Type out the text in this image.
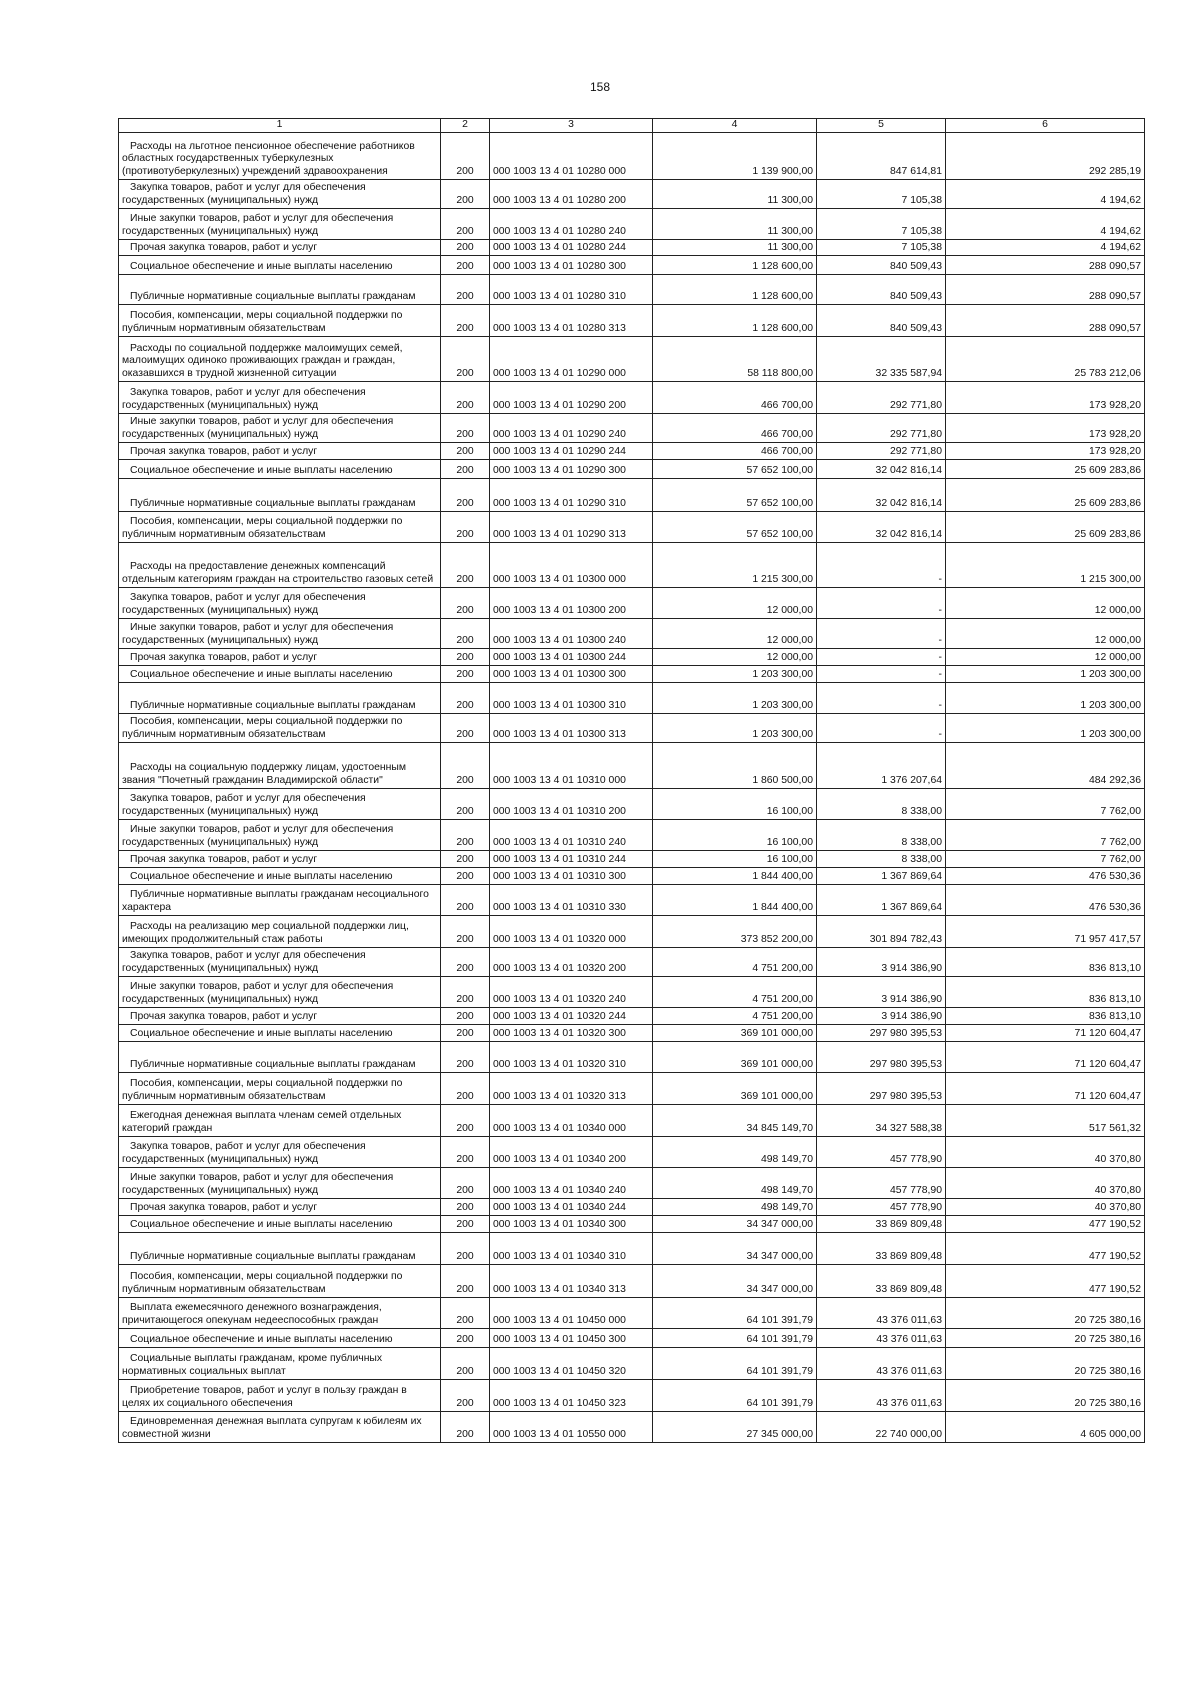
158
1	2	3	4	5	6
Расходы на льготное пенсионное обеспечение работников областных государственных туберкулезных (противотуберкулезных) учреждений здравоохранения	200	000 1003 13 4 01 10280 000	1 139 900,00	847 614,81	292 285,19
Закупка товаров, работ и услуг для обеспечения государственных (муниципальных) нужд	200	000 1003 13 4 01 10280 200	11 300,00	7 105,38	4 194,62
Иные закупки товаров, работ и услуг для обеспечения государственных (муниципальных) нужд	200	000 1003 13 4 01 10280 240	11 300,00	7 105,38	4 194,62
Прочая закупка товаров, работ и услуг	200	000 1003 13 4 01 10280 244	11 300,00	7 105,38	4 194,62
Социальное обеспечение и иные выплаты населению	200	000 1003 13 4 01 10280 300	1 128 600,00	840 509,43	288 090,57
Публичные нормативные социальные выплаты гражданам	200	000 1003 13 4 01 10280 310	1 128 600,00	840 509,43	288 090,57
Пособия, компенсации, меры социальной поддержки по публичным нормативным обязательствам	200	000 1003 13 4 01 10280 313	1 128 600,00	840 509,43	288 090,57
Расходы по социальной поддержке малоимущих семей, малоимущих одиноко проживающих граждан и граждан, оказавшихся в трудной жизненной ситуации	200	000 1003 13 4 01 10290 000	58 118 800,00	32 335 587,94	25 783 212,06
Закупка товаров, работ и услуг для обеспечения государственных (муниципальных) нужд	200	000 1003 13 4 01 10290 200	466 700,00	292 771,80	173 928,20
Иные закупки товаров, работ и услуг для обеспечения государственных (муниципальных) нужд	200	000 1003 13 4 01 10290 240	466 700,00	292 771,80	173 928,20
Прочая закупка товаров, работ и услуг	200	000 1003 13 4 01 10290 244	466 700,00	292 771,80	173 928,20
Социальное обеспечение и иные выплаты населению	200	000 1003 13 4 01 10290 300	57 652 100,00	32 042 816,14	25 609 283,86
Публичные нормативные социальные выплаты гражданам	200	000 1003 13 4 01 10290 310	57 652 100,00	32 042 816,14	25 609 283,86
Пособия, компенсации, меры социальной поддержки по публичным нормативным обязательствам	200	000 1003 13 4 01 10290 313	57 652 100,00	32 042 816,14	25 609 283,86
Расходы на предоставление денежных компенсаций отдельным категориям граждан на строительство газовых сетей	200	000 1003 13 4 01 10300 000	1 215 300,00	-	1 215 300,00
Закупка товаров, работ и услуг для обеспечения государственных (муниципальных) нужд	200	000 1003 13 4 01 10300 200	12 000,00	-	12 000,00
Иные закупки товаров, работ и услуг для обеспечения государственных (муниципальных) нужд	200	000 1003 13 4 01 10300 240	12 000,00	-	12 000,00
Прочая закупка товаров, работ и услуг	200	000 1003 13 4 01 10300 244	12 000,00	-	12 000,00
Социальное обеспечение и иные выплаты населению	200	000 1003 13 4 01 10300 300	1 203 300,00	-	1 203 300,00
Публичные нормативные социальные выплаты гражданам	200	000 1003 13 4 01 10300 310	1 203 300,00	-	1 203 300,00
Пособия, компенсации, меры социальной поддержки по публичным нормативным обязательствам	200	000 1003 13 4 01 10300 313	1 203 300,00	-	1 203 300,00
Расходы на социальную поддержку лицам, удостоенным звания "Почетный гражданин Владимирской области"	200	000 1003 13 4 01 10310 000	1 860 500,00	1 376 207,64	484 292,36
Закупка товаров, работ и услуг для обеспечения государственных (муниципальных) нужд	200	000 1003 13 4 01 10310 200	16 100,00	8 338,00	7 762,00
Иные закупки товаров, работ и услуг для обеспечения государственных (муниципальных) нужд	200	000 1003 13 4 01 10310 240	16 100,00	8 338,00	7 762,00
Прочая закупка товаров, работ и услуг	200	000 1003 13 4 01 10310 244	16 100,00	8 338,00	7 762,00
Социальное обеспечение и иные выплаты населению	200	000 1003 13 4 01 10310 300	1 844 400,00	1 367 869,64	476 530,36
Публичные нормативные выплаты гражданам несоциального характера	200	000 1003 13 4 01 10310 330	1 844 400,00	1 367 869,64	476 530,36
Расходы на реализацию мер социальной поддержки лиц, имеющих продолжительный стаж работы	200	000 1003 13 4 01 10320 000	373 852 200,00	301 894 782,43	71 957 417,57
Закупка товаров, работ и услуг для обеспечения государственных (муниципальных) нужд	200	000 1003 13 4 01 10320 200	4 751 200,00	3 914 386,90	836 813,10
Иные закупки товаров, работ и услуг для обеспечения государственных (муниципальных) нужд	200	000 1003 13 4 01 10320 240	4 751 200,00	3 914 386,90	836 813,10
Прочая закупка товаров, работ и услуг	200	000 1003 13 4 01 10320 244	4 751 200,00	3 914 386,90	836 813,10
Социальное обеспечение и иные выплаты населению	200	000 1003 13 4 01 10320 300	369 101 000,00	297 980 395,53	71 120 604,47
Публичные нормативные социальные выплаты гражданам	200	000 1003 13 4 01 10320 310	369 101 000,00	297 980 395,53	71 120 604,47
Пособия, компенсации, меры социальной поддержки по публичным нормативным обязательствам	200	000 1003 13 4 01 10320 313	369 101 000,00	297 980 395,53	71 120 604,47
Ежегодная денежная выплата членам семей отдельных категорий граждан	200	000 1003 13 4 01 10340 000	34 845 149,70	34 327 588,38	517 561,32
Закупка товаров, работ и услуг для обеспечения государственных (муниципальных) нужд	200	000 1003 13 4 01 10340 200	498 149,70	457 778,90	40 370,80
Иные закупки товаров, работ и услуг для обеспечения государственных (муниципальных) нужд	200	000 1003 13 4 01 10340 240	498 149,70	457 778,90	40 370,80
Прочая закупка товаров, работ и услуг	200	000 1003 13 4 01 10340 244	498 149,70	457 778,90	40 370,80
Социальное обеспечение и иные выплаты населению	200	000 1003 13 4 01 10340 300	34 347 000,00	33 869 809,48	477 190,52
Публичные нормативные социальные выплаты гражданам	200	000 1003 13 4 01 10340 310	34 347 000,00	33 869 809,48	477 190,52
Пособия, компенсации, меры социальной поддержки по публичным нормативным обязательствам	200	000 1003 13 4 01 10340 313	34 347 000,00	33 869 809,48	477 190,52
Выплата ежемесячного денежного вознаграждения, причитающегося опекунам недееспособных граждан	200	000 1003 13 4 01 10450 000	64 101 391,79	43 376 011,63	20 725 380,16
Социальное обеспечение и иные выплаты населению	200	000 1003 13 4 01 10450 300	64 101 391,79	43 376 011,63	20 725 380,16
Социальные выплаты гражданам, кроме публичных нормативных социальных выплат	200	000 1003 13 4 01 10450 320	64 101 391,79	43 376 011,63	20 725 380,16
Приобретение товаров, работ и услуг в пользу граждан в целях их социального обеспечения	200	000 1003 13 4 01 10450 323	64 101 391,79	43 376 011,63	20 725 380,16
Единовременная денежная выплата супругам к юбилеям их совместной жизни	200	000 1003 13 4 01 10550 000	27 345 000,00	22 740 000,00	4 605 000,00
